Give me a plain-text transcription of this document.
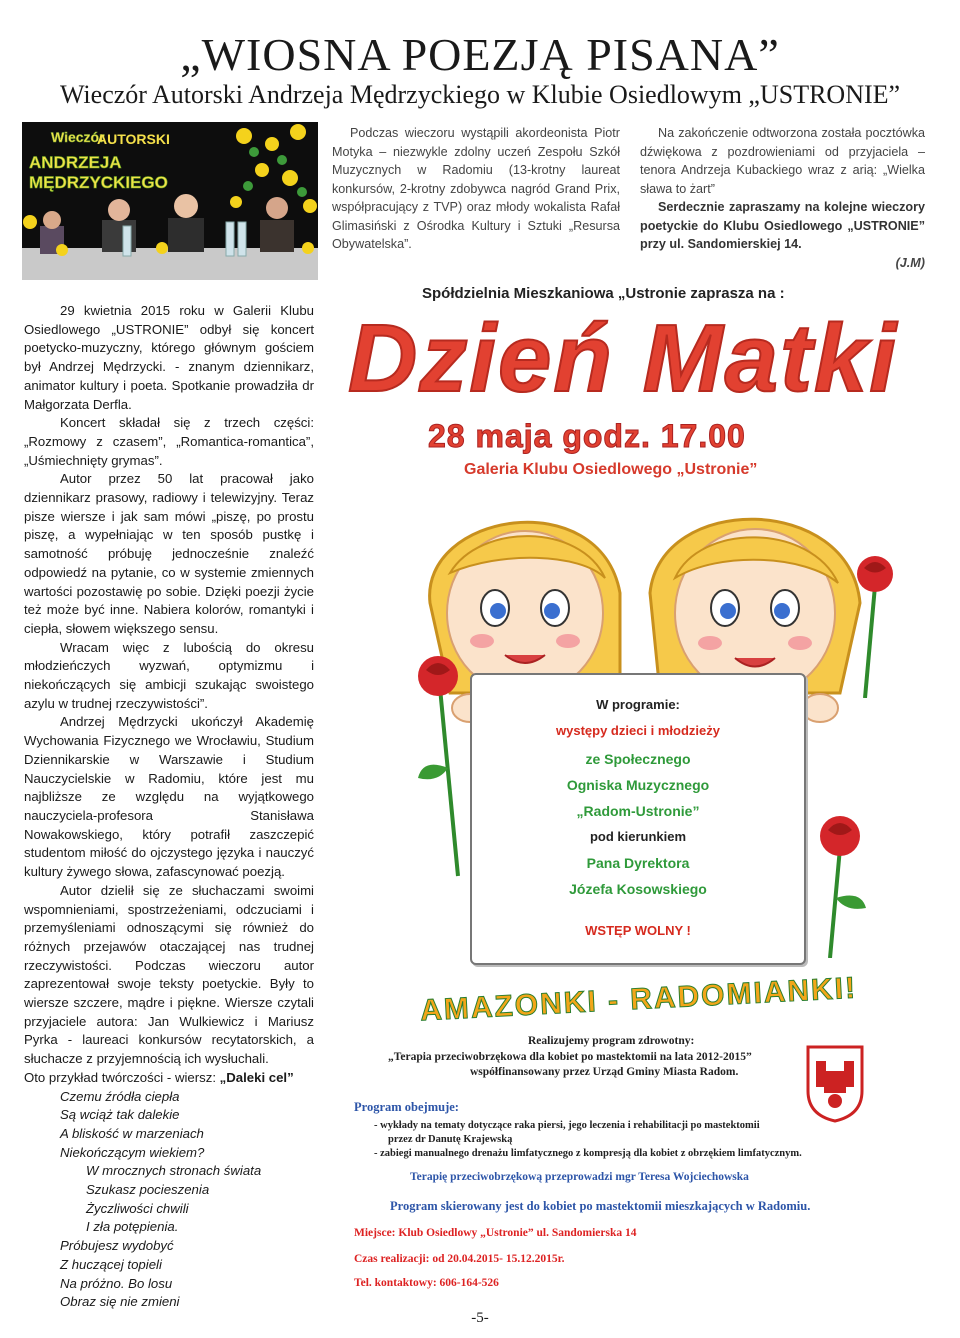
„WIOSNA POEZJĄ PISANA”
Wieczór Autorski Andrzeja Mędrzyckiego w Klubie Osiedlowym „USTRONIE”
Wieczór
AUTORSKI
ANDRZEJA MĘDRZYCKIEGO

Podczas wieczoru wystąpili akordeonista Piotr Motyka – niezwykle zdolny uczeń Zespołu Szkół Muzycznych w Radomiu (13-krotny laureat konkursów, 2-krotny zdobywca nagród Grand Prix, współpracujący z TVP) oraz młody wokalista Rafał Glimasiński z Ośrodka Kultury i Sztuki „Resursa Obywatelska”.

Na zakończenie odtworzona została pocztówka dźwiękowa z pozdrowieniami od przyjaciela – tenora Andrzeja Kubackiego wraz z arią: „Wielka sława to żart”

Serdecznie zapraszamy na kolejne wieczory poetyckie do Klubu Osiedlowego „USTRONIE” przy ul. Sandomierskiej 14.

(J.M)

29 kwietnia 2015 roku w Galerii Klubu Osiedlowego „USTRONIE” odbył się koncert poetycko-muzyczny, którego głównym gościem był Andrzej Mędrzycki. - znanym dziennikarz, animator kultury i poeta. Spotkanie prowadziła dr Małgorzata Derfla.

Koncert składał się z trzech części: „Rozmowy z czasem”, „Romantica-romantica”, „Uśmiechnięty grymas”.

Autor przez 50 lat pracował jako dziennikarz prasowy, radiowy i telewizyjny. Teraz pisze wiersze i jak sam mówi „piszę, po prostu piszę, a wypełniając w ten sposób pustkę i samotność próbuję jednocześnie znaleźć odpowiedź na pytanie, co w systemie zmiennych wartości pozostawię po sobie. Dzięki poezji życie też może być inne. Nabiera kolorów, romantyki i ciepła, słowem większego sensu.

Wracam więc z lubością do okresu młodzieńczych wyzwań, optymizmu i niekończących się ambicji szukając swoistego azylu w trudnej rzeczywistości”.

Andrzej Mędrzycki ukończył Akademię Wychowania Fizycznego we Wrocławiu, Studium Dziennikarskie w Warszawie i Studium Nauczycielskie w Radomiu, które jest mu najbliższe ze względu na wyjątkowego nauczyciela-profesora Stanisława Nowakowskiego, który potrafił zaszczepić studentom miłość do ojczystego języka i nauczyć kultury żywego słowa, zafascynować poezją.

Autor dzielił się ze słuchaczami swoimi wspomnieniami, spostrzeżeniami, odczuciami i przemyśleniami odnoszącymi się również do różnych przejawów otaczającej nas trudnej rzeczywistości. Podczas wieczoru autor zaprezentował swoje teksty poetyckie. Były to wiersze szczere, mądre i piękne. Wiersze czytali przyjaciele autora: Jan Wulkiewicz i Mariusz Pyrka - laureaci konkursów recytatorskich, a słuchacze z przyjemnością ich wysłuchali.

Oto przykład twórczości - wiersz: „Daleki cel”

Czemu źródła ciepła
Są wciąż tak dalekie
A bliskość w marzeniach
Niekończącym wiekiem?
W mrocznych stronach świata
Szukasz pocieszenia
Życzliwości chwili
I zła potępienia.
Próbujesz wydobyć
Z huczącej topieli
Na próżno. Bo losu
Obraz się nie zmieni
Spółdzielnia Mieszkaniowa „Ustronie zaprasza na :
Dzień Matki
28 maja godz. 17.00
Galeria Klubu Osiedlowego „Ustronie”
W programie:
występy dzieci i młodzieży
ze Społecznego
Ogniska Muzycznego
„Radom-Ustronie”
pod kierunkiem
Pana Dyrektora
Józefa Kosowskiego
WSTĘP WOLNY !
AMAZONKI - RADOMIANKI!
Realizujemy program zdrowotny:
„Terapia przeciwobrzękowa dla kobiet po mastektomii na lata 2012-2015”
współfinansowany przez Urząd Gminy Miasta Radom.
Program obejmuje:
- wykłady na tematy dotyczące raka piersi, jego leczenia i rehabilitacji po mastektomii
przez dr Danutę Krajewską
- zabiegi manualnego drenażu limfatycznego z kompresją dla kobiet z obrzękiem limfatycznym.
Terapię przeciwobrzękową przeprowadzi mgr Teresa Wojciechowska
Program skierowany jest do kobiet po mastektomii mieszkających w Radomiu.
Miejsce: Klub Osiedlowy „Ustronie” ul. Sandomierska 14
Czas realizacji: od 20.04.2015- 15.12.2015r.
Tel. kontaktowy: 606-164-526
-5-
